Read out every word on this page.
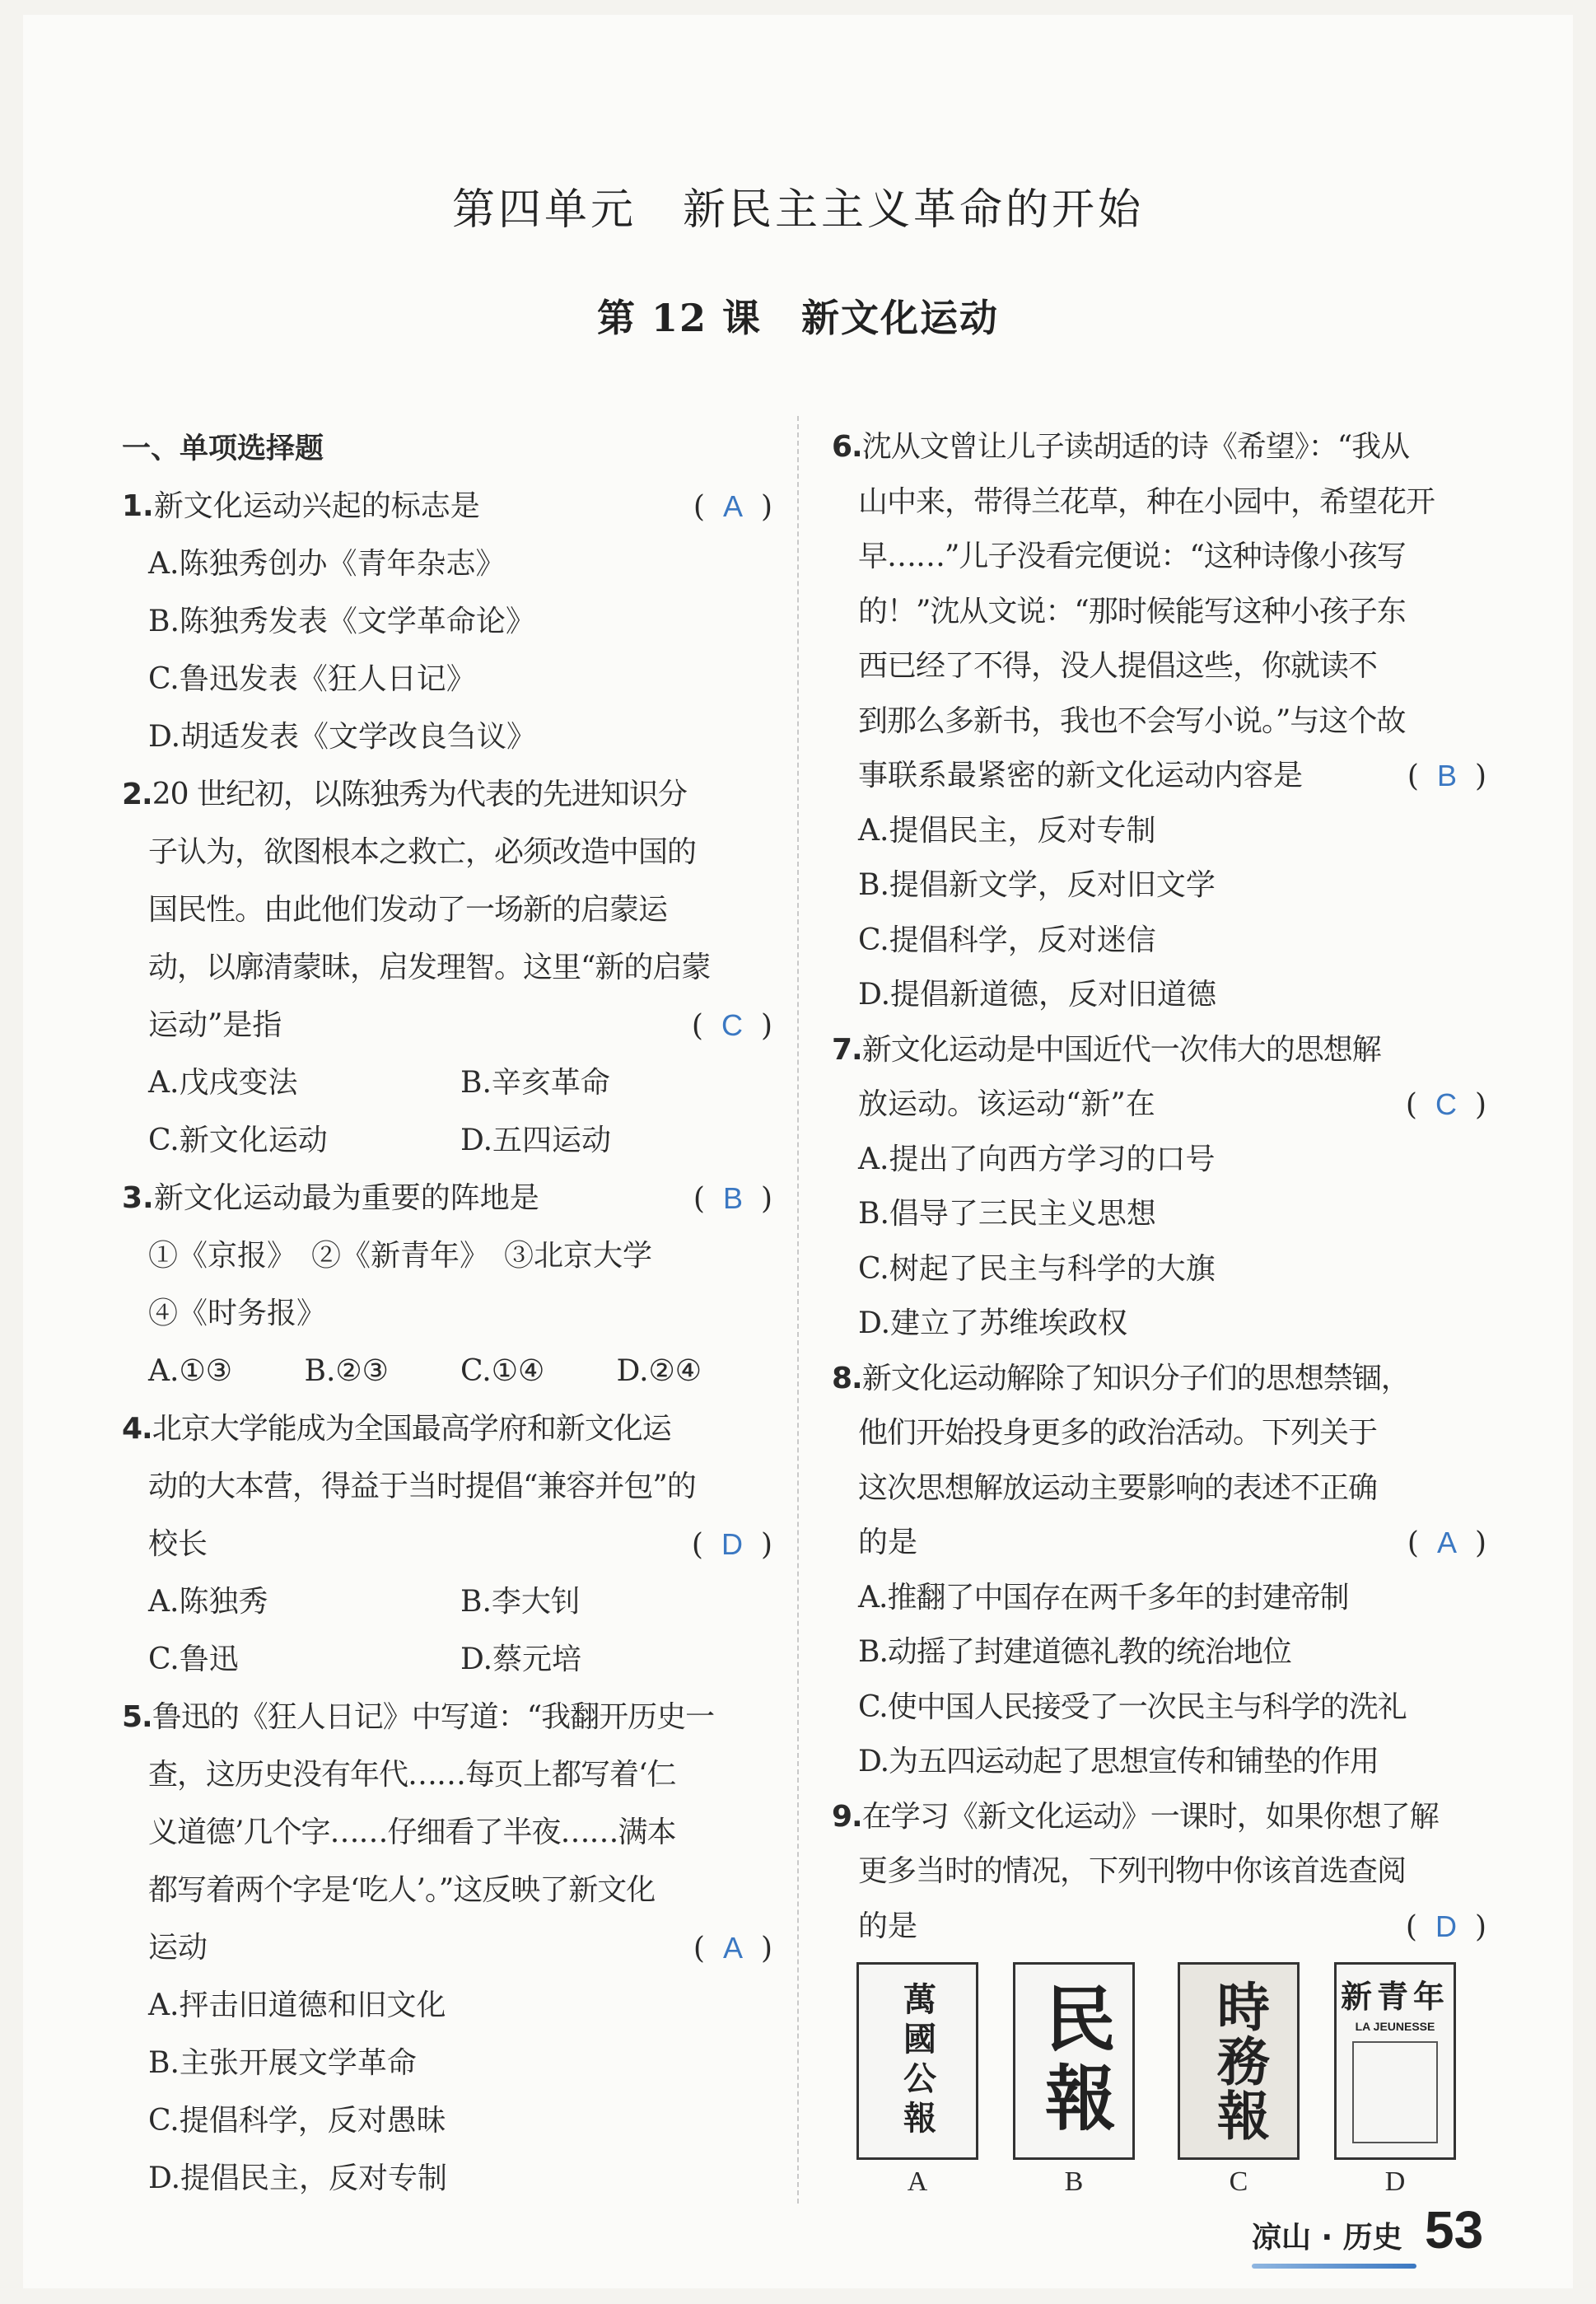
第四单元　新民主主义革命的开始
第 12 课　新文化运动
一、单项选择题
1.新文化运动兴起的标志是	( A )
A.陈独秀创办《青年杂志》
B.陈独秀发表《文学革命论》
C.鲁迅发表《狂人日记》
D.胡适发表《文学改良刍议》
2.20 世纪初，以陈独秀为代表的先进知识分
子认为，欲图根本之救亡，必须改造中国的
国民性。由此他们发动了一场新的启蒙运
动，以廓清蒙昧，启发理智。这里“新的启蒙
运动”是指	( C )
A.戊戌变法	B.辛亥革命
C.新文化运动	D.五四运动
3.新文化运动最为重要的阵地是	( B )
①《京报》　②《新青年》　③北京大学
④《时务报》
A.①③	B.②③	C.①④	D.②④
4.北京大学能成为全国最高学府和新文化运
动的大本营，得益于当时提倡“兼容并包”的
校长	( D )
A.陈独秀	B.李大钊
C.鲁迅	D.蔡元培
5.鲁迅的《狂人日记》中写道：“我翻开历史一
查，这历史没有年代……每页上都写着‘仁
义道德’几个字……仔细看了半夜……满本
都写着两个字是‘吃人’。”这反映了新文化
运动	( A )
A.抨击旧道德和旧文化
B.主张开展文学革命
C.提倡科学，反对愚昧
D.提倡民主，反对专制
6.沈从文曾让儿子读胡适的诗《希望》：“我从
山中来，带得兰花草，种在小园中，希望花开
早……”儿子没看完便说：“这种诗像小孩写
的！”沈从文说：“那时候能写这种小孩子东
西已经了不得，没人提倡这些，你就读不
到那么多新书，我也不会写小说。”与这个故
事联系最紧密的新文化运动内容是	( B )
A.提倡民主，反对专制
B.提倡新文学，反对旧文学
C.提倡科学，反对迷信
D.提倡新道德，反对旧道德
7.新文化运动是中国近代一次伟大的思想解
放运动。该运动“新”在	( C )
A.提出了向西方学习的口号
B.倡导了三民主义思想
C.树起了民主与科学的大旗
D.建立了苏维埃政权
8.新文化运动解除了知识分子们的思想禁锢，
他们开始投身更多的政治活动。下列关于
这次思想解放运动主要影响的表述不正确
的是	( A )
A.推翻了中国存在两千多年的封建帝制
B.动摇了封建道德礼教的统治地位
C.使中国人民接受了一次民主与科学的洗礼
D.为五四运动起了思想宣传和铺垫的作用
9.在学习《新文化运动》一课时，如果你想了解
更多当时的情况，下列刊物中你该首选查阅
的是	( D )
萬國公報
A
民報
B
時務報
C
新青年
LA JEUNESSE
D
凉山 · 历史 53
